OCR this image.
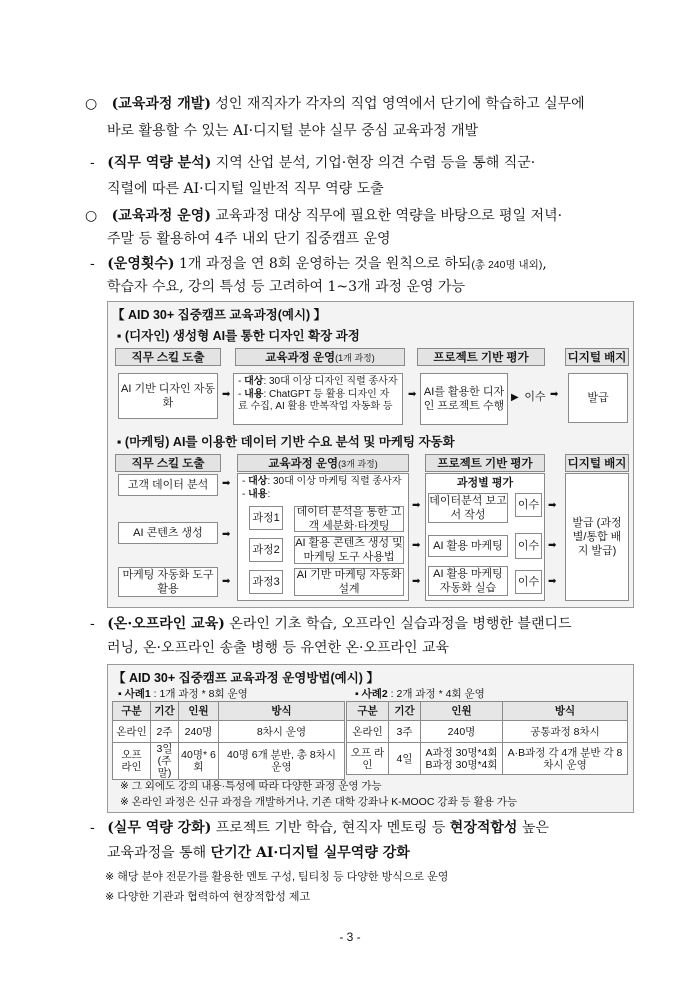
○ (교육과정 개발) 성인 재직자가 각자의 직업 영역에서 단기에 학습하고 실무에
바로 활용할 수 있는 AI·디지털 분야 실무 중심 교육과정 개발
- (직무 역량 분석) 지역 산업 분석, 기업·현장 의견 수렴 등을 통해 직군·
직렬에 따른 AI·디지털 일반적 직무 역량 도출
○ (교육과정 운영) 교육과정 대상 직무에 필요한 역량을 바탕으로 평일 저녁·
주말 등 활용하여 4주 내외 단기 집중캠프 운영
- (운영횟수) 1개 과정을 연 8회 운영하는 것을 원칙으로 하되(총 240명 내외),
학습자 수요, 강의 특성 등 고려하여 1~3개 과정 운영 가능
【 AID 30+ 집중캠프 교육과정(예시) 】
▪ (디자인) 생성형 AI를 통한 디자인 확장 과정
직무 스킬 도출	교육과정 운영 (1개 과정)	프로젝트 기반 평가	디지털 배지
AI 기반 디자인 자동화
➡
- 대상: 30대 이상 디자인 직렬 종사자
- 내용: ChatGPT 등 활용 디자인 자료 수집, AI 활용 반복작업 자동화 등
➡ AI를 활용한 디자인 프로젝트 수행
▶ 이수 ➡	발급
▪ (마케팅) AI를 이용한 데이터 기반 수요 분석 및 마케팅 자동화
직무 스킬 도출	교육과정 운영 (3개 과정)	프로젝트 기반 평가	디지털 배지
고객 데이터 분석	➡
AI 콘텐츠 생성	➡
마케팅 자동화 도구 활용
➡
- 대상: 30대 이상 마케팅 직렬 종사자
- 내용:
과정1	데이터 분석을 통한 고객 세분화·타겟팅
과정2
AI 활용 콘텐츠 생성 및 마케팅 도구 사용법
과정3
AI 기반 마케팅 자동화 설계
➡
➡
➡
과정별 평가
데이터분석 보고서 작성
이수
AI 활용 마케팅	이수
AI 활용 마케팅 자동화 실습	이수
➡
➡
➡
발급 (과정별/통합 배지 발급)
- (온·오프라인 교육) 온라인 기초 학습, 오프라인 실습과정을 병행한 블랜디드
러닝, 온·오프라인 송출 병행 등 유연한 온·오프라인 교육
【 AID 30+ 집중캠프 교육과정 운영방법(예시) 】
▪ 사례1 : 1개 과정 * 8회 운영	▪ 사례2 : 2개 과정 * 4회 운영
구분	기간	인원	방식
온라인	2주	240명	8차시 운영
오프 라인	3일 (주말)	40명* 6회	40명 6개 분반, 총 8차시 운영
구분	기간	인원	방식
온라인	3주	240명	공통과정 8차시
오프 라인	4일	A과정 30명*4회 B과정 30명*4회	A·B과정 각 4개 분반 각 8차시 운영
※ 그 외에도 강의 내용·특성에 따라 다양한 과정 운영 가능
※ 온라인 과정은 신규 과정을 개발하거나, 기존 대학 강좌나 K-MOOC 강좌 등 활용 가능
- (실무 역량 강화) 프로젝트 기반 학습, 현직자 멘토링 등 현장적합성 높은
교육과정을 통해 단기간 AI·디지털 실무역량 강화
※ 해당 분야 전문가를 활용한 멘토 구성, 팀티칭 등 다양한 방식으로 운영
※ 다양한 기관과 협력하여 현장적합성 제고
- 3 -
